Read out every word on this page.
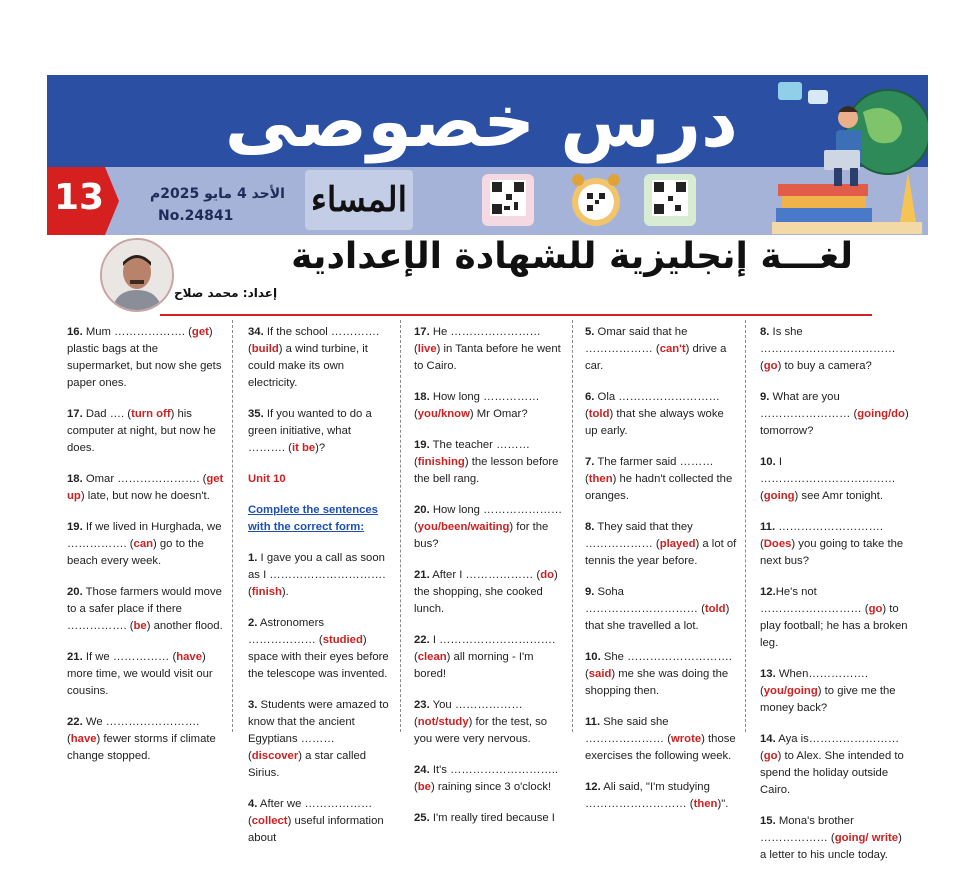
درس خصوصى
13	الأحد 4 مايو 2025م
No.24841 المساء
لغـــة إنجليزية للشهادة الإعدادية
إعداد: محمد صلاح

16. Mum ………………. (get) plastic bags at the supermarket, but now she gets paper ones.

17. Dad …. (turn off) his computer at night, but now he does.

18. Omar …………………. (get up) late, but now he doesn't.

19. If we lived in Hurghada, we ……………. (can) go to the beach every week.

20. Those farmers would move to a safer place if there ……………. (be) another flood.

21. If we …………… (have) more time, we would visit our cousins.

22. We ……………………. (have) fewer storms if climate change stopped.

34. If the school …………. (build) a wind turbine, it could make its own electricity.

35. If you wanted to do a green initiative, what ………. (it be)?

Unit 10

Complete the sentences with the correct form:

1. I gave you a call as soon as I …………………………. (finish).

2. Astronomers ……………… (studied) space with their eyes before the telescope was invented.

3. Students were amazed to know that the ancient Egyptians ……… (discover) a star called Sirius.

4. After we ……………… (collect) useful information about

17. He …………………… (live) in Tanta before he went to Cairo.

18. How long …………… (you/know) Mr Omar?

19. The teacher ……… (finishing) the lesson before the bell rang.

20. How long ………………… (you/been/waiting) for the bus?

21. After I ……………… (do) the shopping, she cooked lunch.

22. I …………………………. (clean) all morning - I'm bored!

23. You ……………… (not/study) for the test, so you were very nervous.

24. It's ……………………….. (be) raining since 3 o'clock!

25. I'm really tired because I

5. Omar said that he ……………… (can't) drive a car.

6. Ola ……………………… (told) that she always woke up early.

7. The farmer said ……… (then) he hadn't collected the oranges.

8. They said that they ……………… (played) a lot of tennis the year before.

9. Soha ………………………… (told) that she travelled a lot.

10. She ………………………. (said) me she was doing the shopping then.

11. She said she ………………… (wrote) those exercises the following week.

12. Ali said, "I'm studying ……………………… (then)".

8. Is she ……………………………… (go) to buy a camera?

9. What are you …………………… (going/do) tomorrow?

10. I ……………………………… (going) see Amr tonight.

11. ……………………….(Does) you going to take the next bus?

12.He's not ……………………… (go) to play football; he has a broken leg.

13. When……………. (you/going) to give me the money back?

14. Aya is…………………… (go) to Alex. She intended to spend the holiday outside Cairo.

15. Mona's brother ……………… (going/ write) a letter to his uncle today.
